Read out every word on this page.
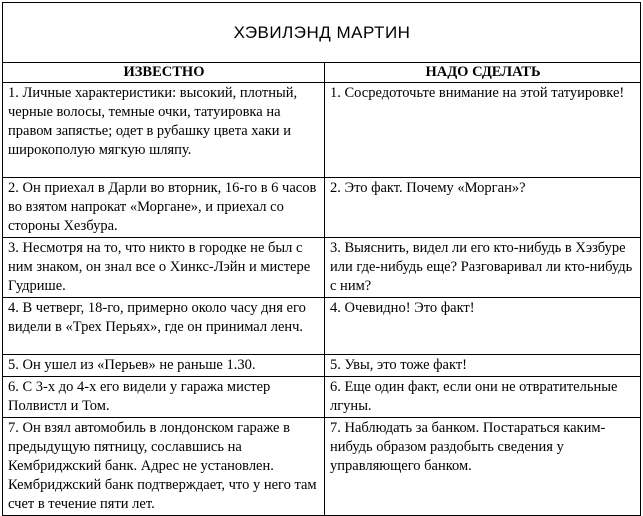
ХЭВИЛЭНД МАРТИН	
ИЗВЕСТНО	НАДО СДЕЛАТЬ
1. Личные характеристики: высокий, плотный, черные волосы, темные очки, татуировка на правом запястье; одет в рубашку цвета хаки и широкополую мягкую шляпу.	1. Сосредоточьте внимание на этой татуировке!
2. Он приехал в Дарли во вторник, 16-го в 6 часов во взятом напрокат «Морганe», и приехал со стороны Хезбура.	2. Это факт. Почему «Морган»?
3. Несмотря на то, что никто в городке не был с ним знаком, он знал все о Хинкс-Лэйн и мистере Гудрише.	3. Выяснить, видел ли его кто-нибудь в Хэзбуре или где-нибудь еще? Разговаривал ли кто-нибудь с ним?
4. В четверг, 18-го, примерно около часу дня его видели в «Трех Перьях», где он принимал ленч.	4. Очевидно! Это факт!
5. Он ушел из «Перьев» не раньше 1.30.	5. Увы, это тоже факт!
6. С 3-х до 4-х его видели у гаража мистер Полвистл и Том.	6. Еще один факт, если они не отвратительные лгуны.
7. Он взял автомобиль в лондонском гараже в предыдущую пятницу, сославшись на Кембриджский банк. Адрес не установлен. Кембриджский банк подтверждает, что у него там счет в течение пяти лет.	7. Наблюдать за банком. Постараться каким-нибудь образом раздобыть сведения у управляющего банком.
